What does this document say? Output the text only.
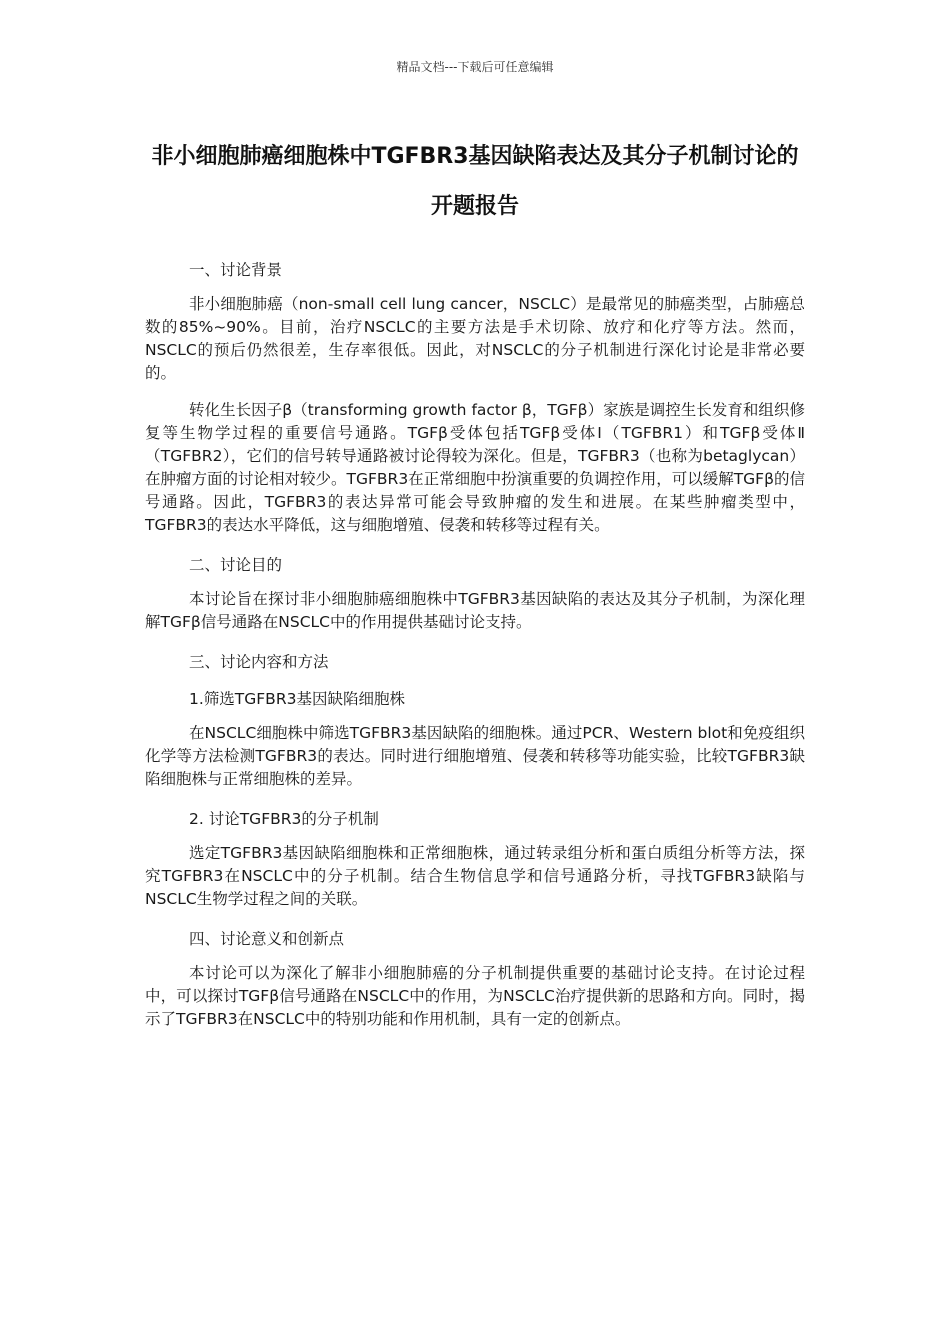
精品文档---下载后可任意编辑
非小细胞肺癌细胞株中TGFBR3基因缺陷表达及其分子机制讨论的开题报告
一、讨论背景

非小细胞肺癌（non-small cell lung cancer，NSCLC）是最常见的肺癌类型，占肺癌总数的85%~90%。目前，治疗NSCLC的主要方法是手术切除、放疗和化疗等方法。然而，NSCLC的预后仍然很差，生存率很低。因此，对NSCLC的分子机制进行深化讨论是非常必要的。

转化生长因子β（transforming growth factor β，TGFβ）家族是调控生长发育和组织修复等生物学过程的重要信号通路。TGFβ受体包括TGFβ受体Ⅰ（TGFBR1）和TGFβ受体Ⅱ（TGFBR2），它们的信号转导通路被讨论得较为深化。但是，TGFBR3（也称为betaglycan）在肿瘤方面的讨论相对较少。TGFBR3在正常细胞中扮演重要的负调控作用，可以缓解TGFβ的信号通路。因此，TGFBR3的表达异常可能会导致肿瘤的发生和进展。在某些肿瘤类型中，TGFBR3的表达水平降低，这与细胞增殖、侵袭和转移等过程有关。

二、讨论目的

本讨论旨在探讨非小细胞肺癌细胞株中TGFBR3基因缺陷的表达及其分子机制，为深化理解TGFβ信号通路在NSCLC中的作用提供基础讨论支持。

三、讨论内容和方法
1.筛选TGFBR3基因缺陷细胞株

在NSCLC细胞株中筛选TGFBR3基因缺陷的细胞株。通过PCR、Western blot和免疫组织化学等方法检测TGFBR3的表达。同时进行细胞增殖、侵袭和转移等功能实验，比较TGFBR3缺陷细胞株与正常细胞株的差异。

2. 讨论TGFBR3的分子机制

选定TGFBR3基因缺陷细胞株和正常细胞株，通过转录组分析和蛋白质组分析等方法，探究TGFBR3在NSCLC中的分子机制。结合生物信息学和信号通路分析，寻找TGFBR3缺陷与NSCLC生物学过程之间的关联。

四、讨论意义和创新点

本讨论可以为深化了解非小细胞肺癌的分子机制提供重要的基础讨论支持。在讨论过程中，可以探讨TGFβ信号通路在NSCLC中的作用，为NSCLC治疗提供新的思路和方向。同时，揭示了TGFBR3在NSCLC中的特别功能和作用机制，具有一定的创新点。
